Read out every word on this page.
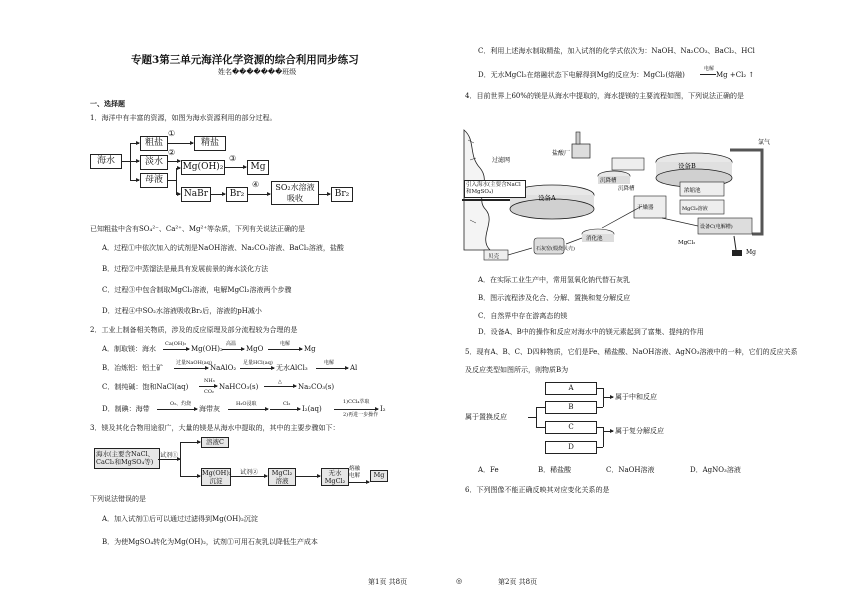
专题3第三单元海洋化学资源的综合利用同步练习
姓名�������班级
一、选择题
1．海洋中有丰富的资源，如图为海水资源利用的部分过程。
海水
粗盐
①
精盐
淡水
②
母液
Mg(OH)₂
③
Mg
NaBr	Br₂
④	SO₂水溶液吸收	Br₂
已知粗盐中含有SO₄²⁻、Ca²⁺、Mg²⁺等杂质，下列有关说法正确的是
A．过程①中依次加入的试剂是NaOH溶液、Na₂CO₃溶液、BaCl₂溶液，盐酸
B．过程②中蒸馏法是最具有发展前景的海水淡化方法
C．过程③中包含制取MgCl₂溶液，电解MgCl₂溶液两个步骤
D．过程④中SO₂水溶液吸收Br₂后，溶液的pH减小
2．工业上制备相关物质，涉及的反应原理及部分流程较为合理的是
A．制取镁：海水
Ca(OH)₂
Mg(OH)₂
高温
MgO
电解
Mg
B．冶炼铝：铝土矿
过量NaOH(aq)
NaAlO₂
足量HCl(aq)
无水AlCl₃
电解
Al
C．制纯碱：饱和NaCl(aq)
NH₃
CO₂
NaHCO₃(s)
△
Na₂CO₃(s)
D．制碘：海带
O₂、灼烧
海带灰
H₂O浸取	Cl₂
I₂(aq)
1)CCl₄萃取
2)再进一步操作
I₂
3．镁及其化合物用途很广，大量的镁是从海水中提取的，其中的主要步骤如下：
海水(主要含NaCl、CaCl₂和MgSO₄等)
试剂①
溶液C
Mg(OH)₂沉淀
试剂②	MgCl₂溶液
无水MgCl₂
熔融电解	Mg
下列说法错误的是
A．加入试剂①后可以通过过滤得到Mg(OH)₂沉淀
B．为使MgSO₄转化为Mg(OH)₂，试剂①可用石灰乳以降低生产成本
C．利用上述海水制取精盐，加入试剂的化学式依次为：NaOH、Na₂CO₃、BaCl₂、HCl
D．无水MgCl₂在熔融状态下电解得到Mg的反应为：MgCl₂(熔融)
电解
Mg +Cl₂ ↑
4．目前世界上60%的镁是从海水中提取的，海水提镁的主要流程如图，下列说法正确的是
盐酸厂
过滤网
设备A
沉降槽
沉降槽
设备B
氯气
浓缩池
MgCl₂溶液
干燥器
设备C(电解槽)
MgCl₂
Mg
石灰窑(煅烧贝壳)
消化池
贝壳
引入海水(主要含NaCl和MgSO₄)
A．在实际工业生产中，常用氢氧化钠代替石灰乳
B．图示流程涉及化合、分解、置换和复分解反应
C．自然界中存在游离态的镁
D．设备A、B中的操作和反应对海水中的镁元素起到了富集、提纯的作用
5．现有A、B、C、D四种物质，它们是Fe、稀盐酸、NaOH溶液、AgNO₃溶液中的一种，它们的反应关系
及反应类型如图所示，则物质B为
A
B
C
D
属于中和反应
属于复分解反应
属于置换反应
A．Fe	B．稀盐酸	C．NaOH溶液	D．AgNO₃溶液
6．下列图像不能正确反映其对应变化关系的是
第1页 共8页	◎	第2页 共8页
